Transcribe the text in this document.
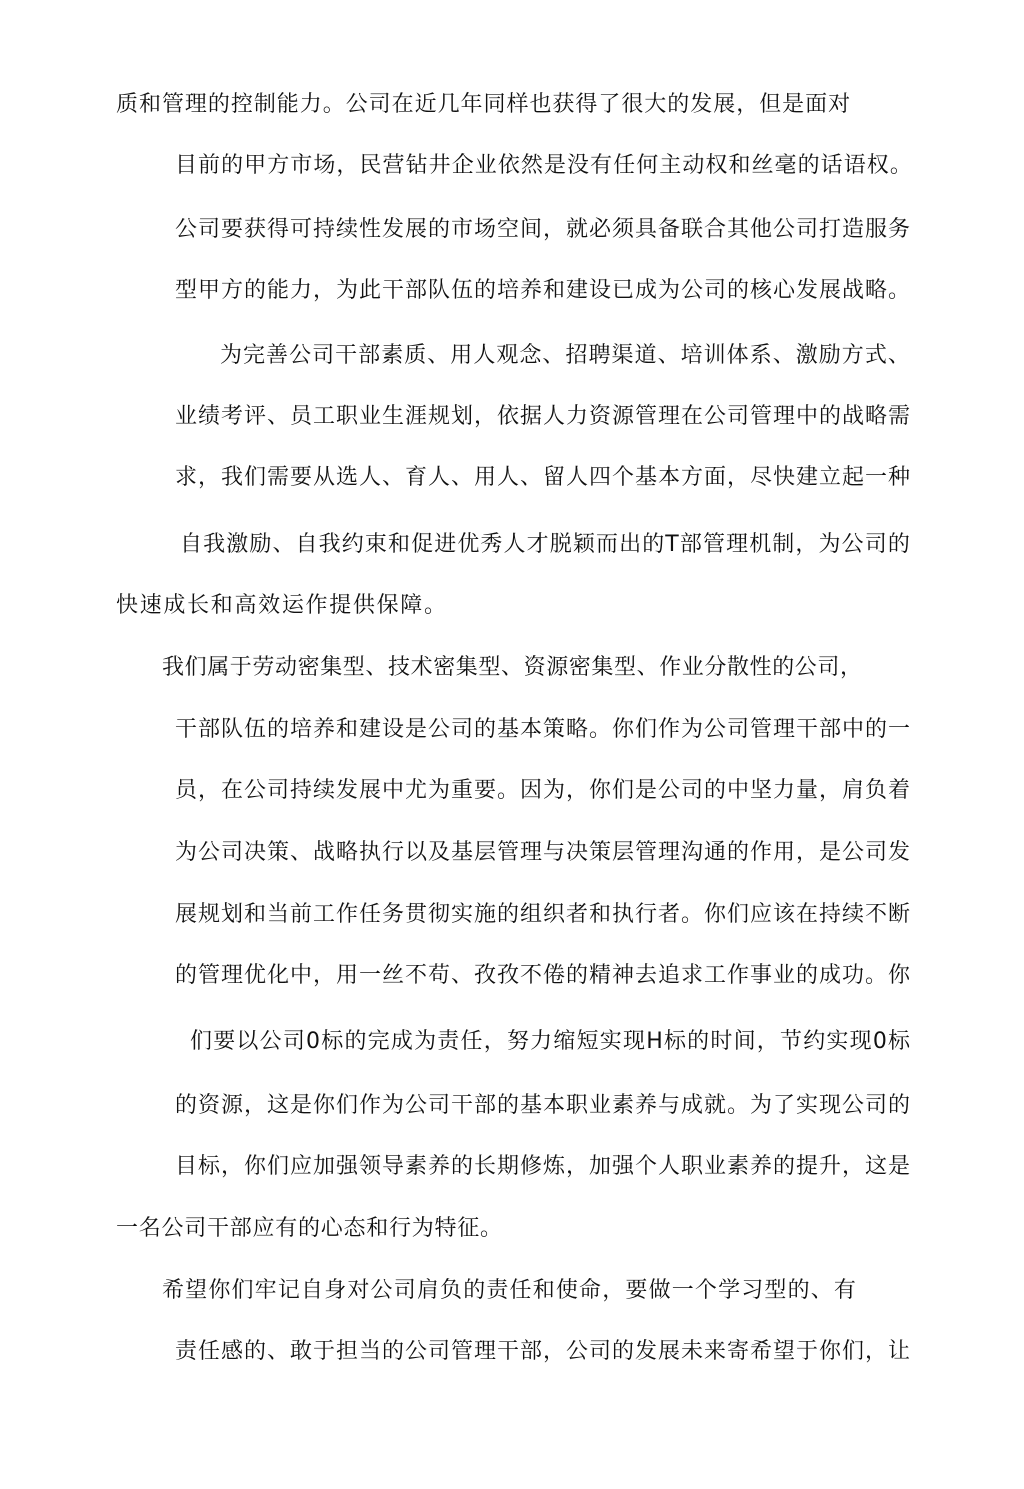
质和管理的控制能力。公司在近几年同样也获得了很大的发展，但是面对
目前的甲方市场，民营钻井企业依然是没有任何主动权和丝毫的话语权。
公司要获得可持续性发展的市场空间，就必须具备联合其他公司打造服务
型甲方的能力，为此干部队伍的培养和建设已成为公司的核心发展战略。
为完善公司干部素质、用人观念、招聘渠道、培训体系、激励方式、
业绩考评、员工职业生涯规划，依据人力资源管理在公司管理中的战略需
求，我们需要从选人、育人、用人、留人四个基本方面，尽快建立起一种
自我激励、自我约束和促进优秀人才脱颖而出的T部管理机制，为公司的
快速成长和高效运作提供保障。
我们属于劳动密集型、技术密集型、资源密集型、作业分散性的公司，
干部队伍的培养和建设是公司的基本策略。你们作为公司管理干部中的一
员，在公司持续发展中尤为重要。因为，你们是公司的中坚力量，肩负着
为公司决策、战略执行以及基层管理与决策层管理沟通的作用，是公司发
展规划和当前工作任务贯彻实施的组织者和执行者。你们应该在持续不断
的管理优化中，用一丝不苟、孜孜不倦的精神去追求工作事业的成功。你
们要以公司0标的完成为责任，努力缩短实现H标的时间，节约实现0标
的资源，这是你们作为公司干部的基本职业素养与成就。为了实现公司的
目标，你们应加强领导素养的长期修炼，加强个人职业素养的提升，这是
一名公司干部应有的心态和行为特征。
希望你们牢记自身对公司肩负的责任和使命，要做一个学习型的、有
责任感的、敢于担当的公司管理干部，公司的发展未来寄希望于你们，让
